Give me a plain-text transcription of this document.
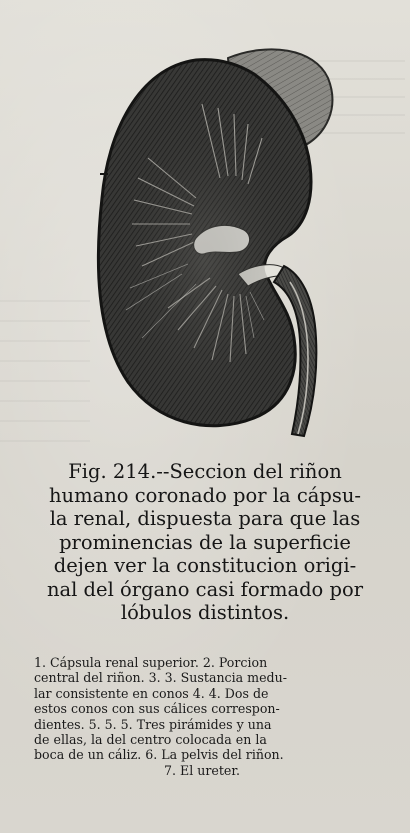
Fig. 214.--Seccion del riñon
humano coronado por la cápsu-
la renal, dispuesta para que las
prominencias de la superficie
dejen ver la constitucion origi-
nal del órgano casi formado por
lóbulos distintos.
1. Cápsula renal superior. 2. Porcion
central del riñon. 3. 3. Sustancia medu-
lar consistente en conos 4. 4. Dos de
estos conos con sus cálices correspon-
dientes. 5. 5. 5. Tres pirámides y una
de ellas, la del centro colocada en la
boca de un cáliz. 6. La pelvis del riñon.
7. El ureter.
